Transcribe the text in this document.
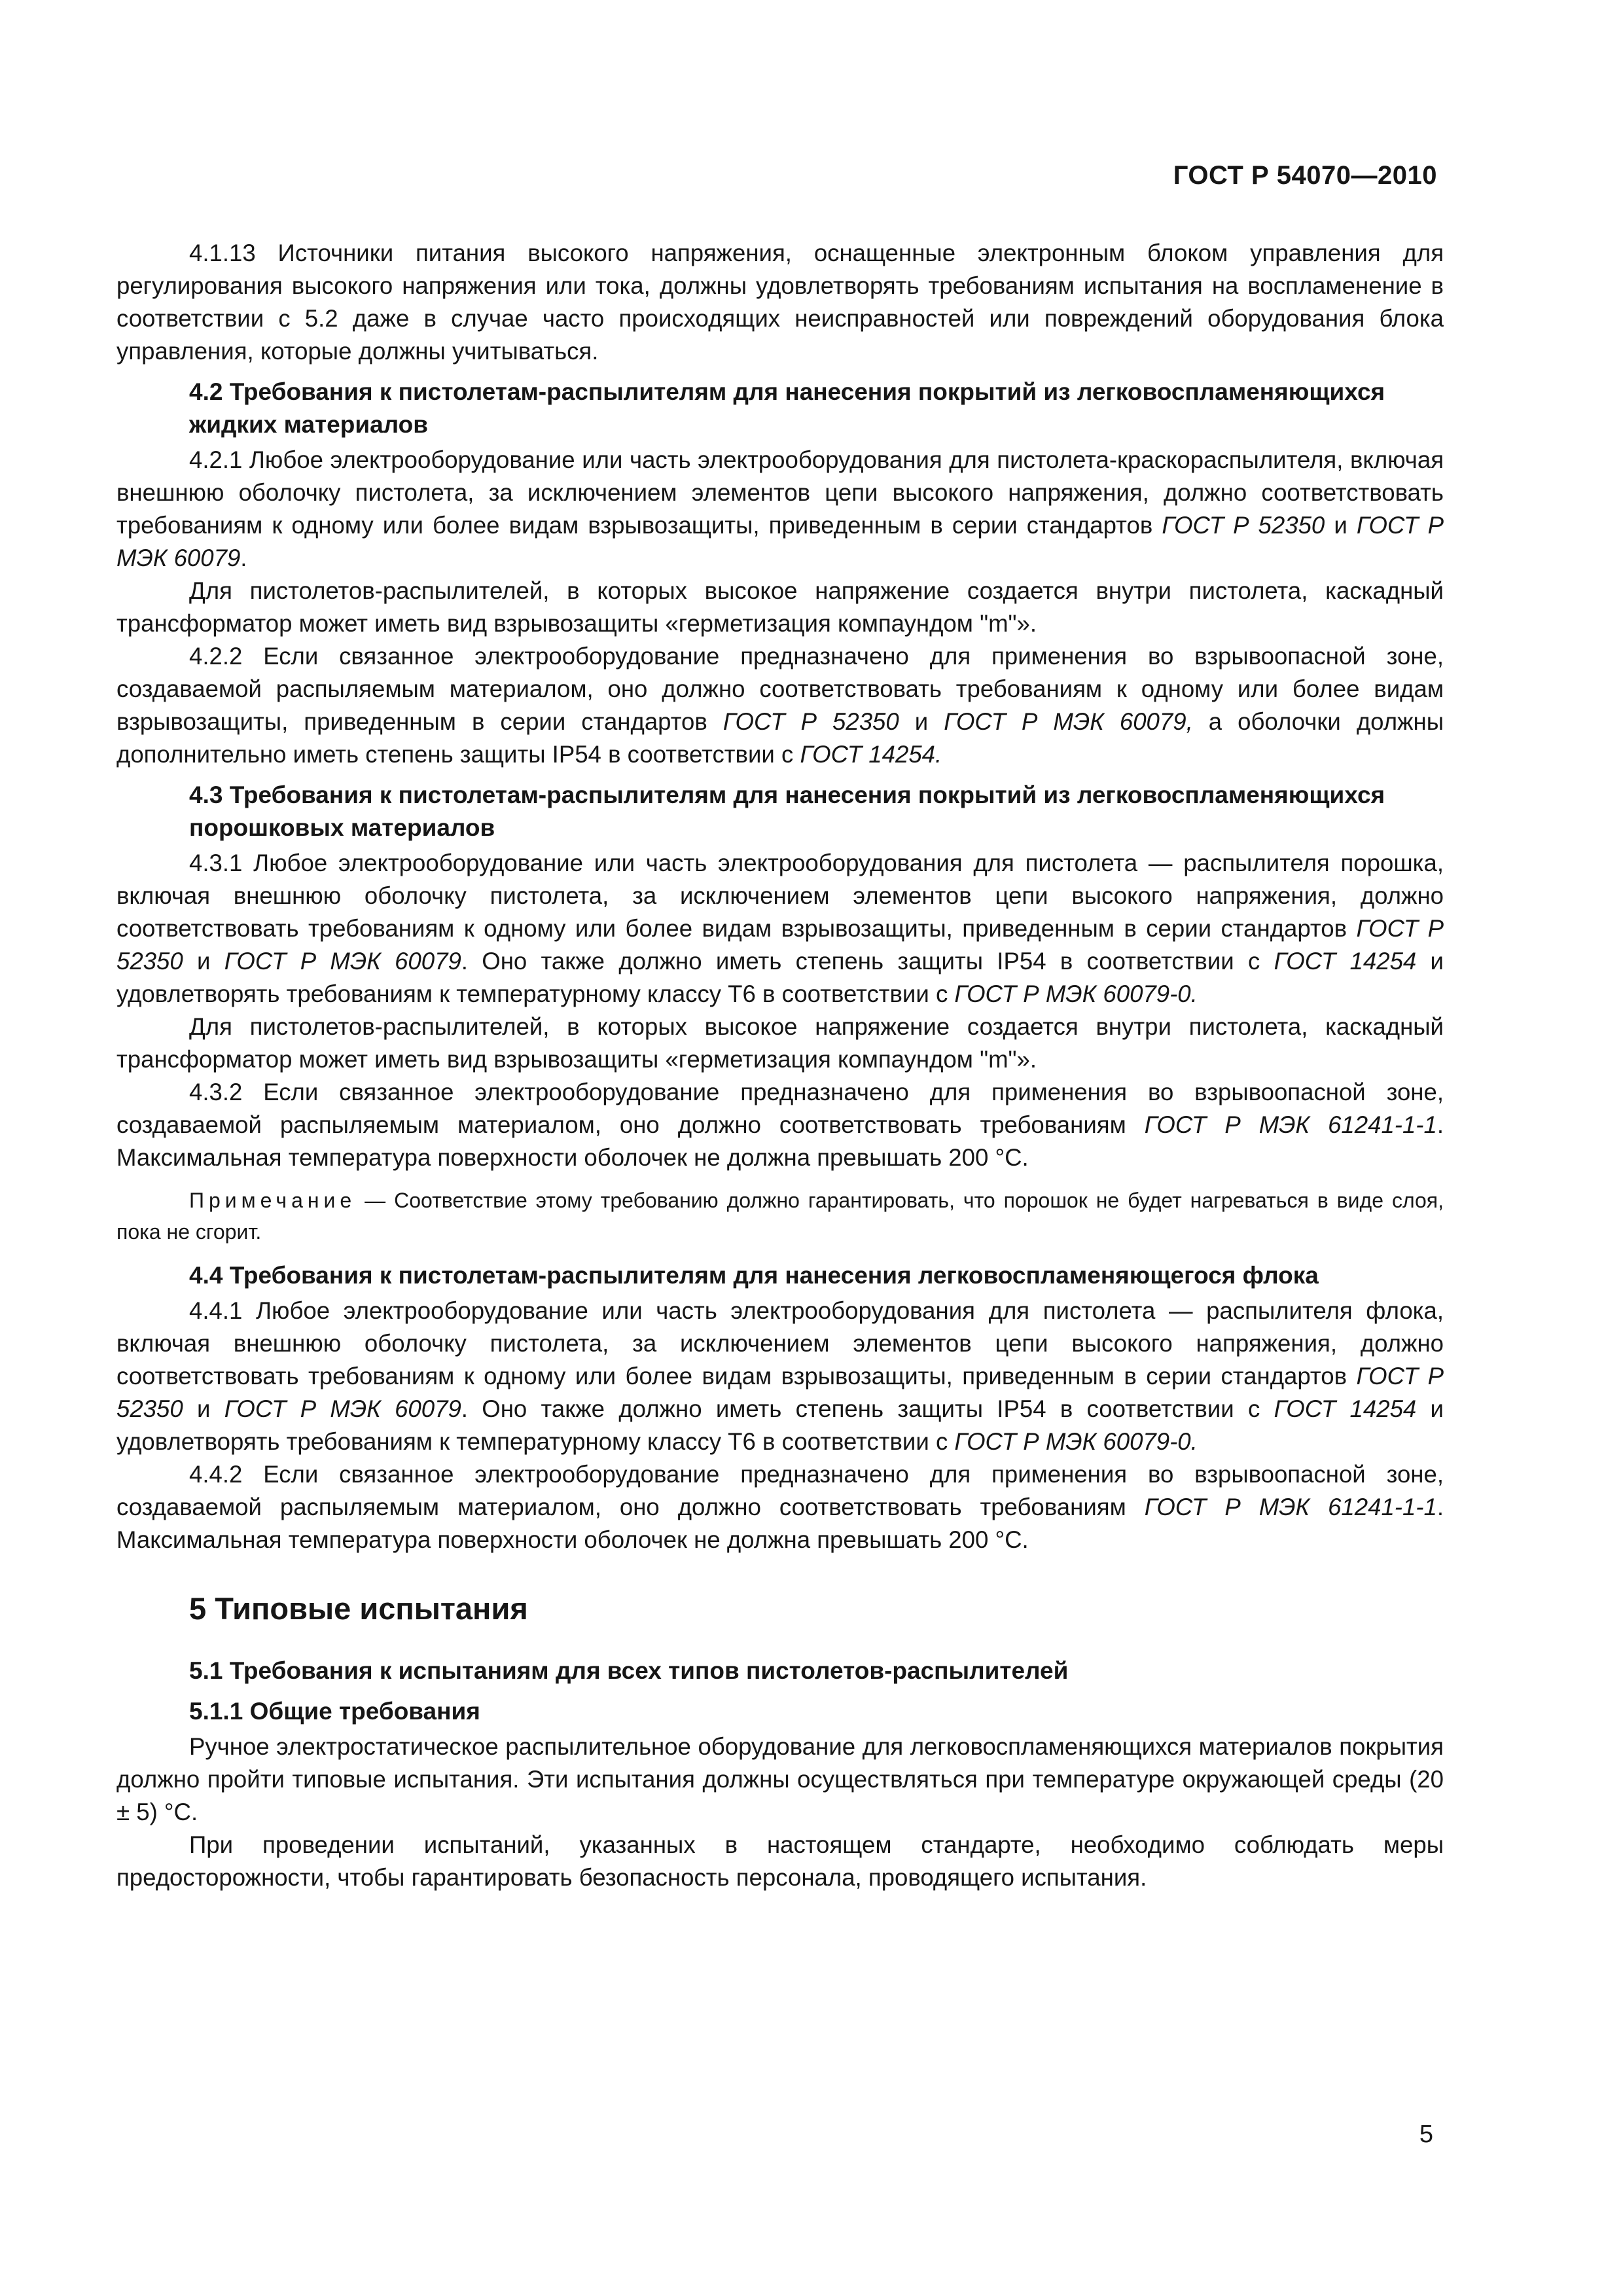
ГОСТ Р 54070—2010

4.1.13 Источники питания высокого напряжения, оснащенные электронным блоком управления для регулирования высокого напряжения или тока, должны удовлетворять требованиям испытания на воспламенение в соответствии с 5.2 даже в случае часто происходящих неисправностей или повреждений оборудования блока управления, которые должны учитываться.

4.2 Требования к пистолетам-распылителям для нанесения покрытий из легковоспламеняющихся жидких материалов

4.2.1 Любое электрооборудование или часть электрооборудования для пистолета-краскораспылителя, включая внешнюю оболочку пистолета, за исключением элементов цепи высокого напряжения, должно соответствовать требованиям к одному или более видам взрывозащиты, приведенным в серии стандартов ГОСТ Р 52350 и ГОСТ Р МЭК 60079.

Для пистолетов-распылителей, в которых высокое напряжение создается внутри пистолета, каскадный трансформатор может иметь вид взрывозащиты «герметизация компаундом "m"».

4.2.2 Если связанное электрооборудование предназначено для применения во взрывоопасной зоне, создаваемой распыляемым материалом, оно должно соответствовать требованиям к одному или более видам взрывозащиты, приведенным в серии стандартов ГОСТ Р 52350 и ГОСТ Р МЭК 60079, а оболочки должны дополнительно иметь степень защиты IP54 в соответствии с ГОСТ 14254.

4.3 Требования к пистолетам-распылителям для нанесения покрытий из легковоспламеняющихся порошковых материалов

4.3.1 Любое электрооборудование или часть электрооборудования для пистолета — распылителя порошка, включая внешнюю оболочку пистолета, за исключением элементов цепи высокого напряжения, должно соответствовать требованиям к одному или более видам взрывозащиты, приведенным в серии стандартов ГОСТ Р 52350 и ГОСТ Р МЭК 60079. Оно также должно иметь степень защиты IP54 в соответствии с ГОСТ 14254 и удовлетворять требованиям к температурному классу Т6 в соответствии с ГОСТ Р МЭК 60079-0.

Для пистолетов-распылителей, в которых высокое напряжение создается внутри пистолета, каскадный трансформатор может иметь вид взрывозащиты «герметизация компаундом "m"».

4.3.2 Если связанное электрооборудование предназначено для применения во взрывоопасной зоне, создаваемой распыляемым материалом, оно должно соответствовать требованиям ГОСТ Р МЭК 61241-1-1. Максимальная температура поверхности оболочек не должна превышать 200 °С.

Примечание — Соответствие этому требованию должно гарантировать, что порошок не будет нагреваться в виде слоя, пока не сгорит.

4.4 Требования к пистолетам-распылителям для нанесения легковоспламеняющегося флока

4.4.1 Любое электрооборудование или часть электрооборудования для пистолета — распылителя флока, включая внешнюю оболочку пистолета, за исключением элементов цепи высокого напряжения, должно соответствовать требованиям к одному или более видам взрывозащиты, приведенным в серии стандартов ГОСТ Р 52350 и ГОСТ Р МЭК 60079. Оно также должно иметь степень защиты IP54 в соответствии с ГОСТ 14254 и удовлетворять требованиям к температурному классу Т6 в соответствии с ГОСТ Р МЭК 60079-0.

4.4.2 Если связанное электрооборудование предназначено для применения во взрывоопасной зоне, создаваемой распыляемым материалом, оно должно соответствовать требованиям ГОСТ Р МЭК 61241-1-1. Максимальная температура поверхности оболочек не должна превышать 200 °С.

5 Типовые испытания
5.1 Требования к испытаниям для всех типов пистолетов-распылителей
5.1.1 Общие требования

Ручное электростатическое распылительное оборудование для легковоспламеняющихся материалов покрытия должно пройти типовые испытания. Эти испытания должны осуществляться при температуре окружающей среды (20 ± 5) °С.

При проведении испытаний, указанных в настоящем стандарте, необходимо соблюдать меры предосторожности, чтобы гарантировать безопасность персонала, проводящего испытания.

5
